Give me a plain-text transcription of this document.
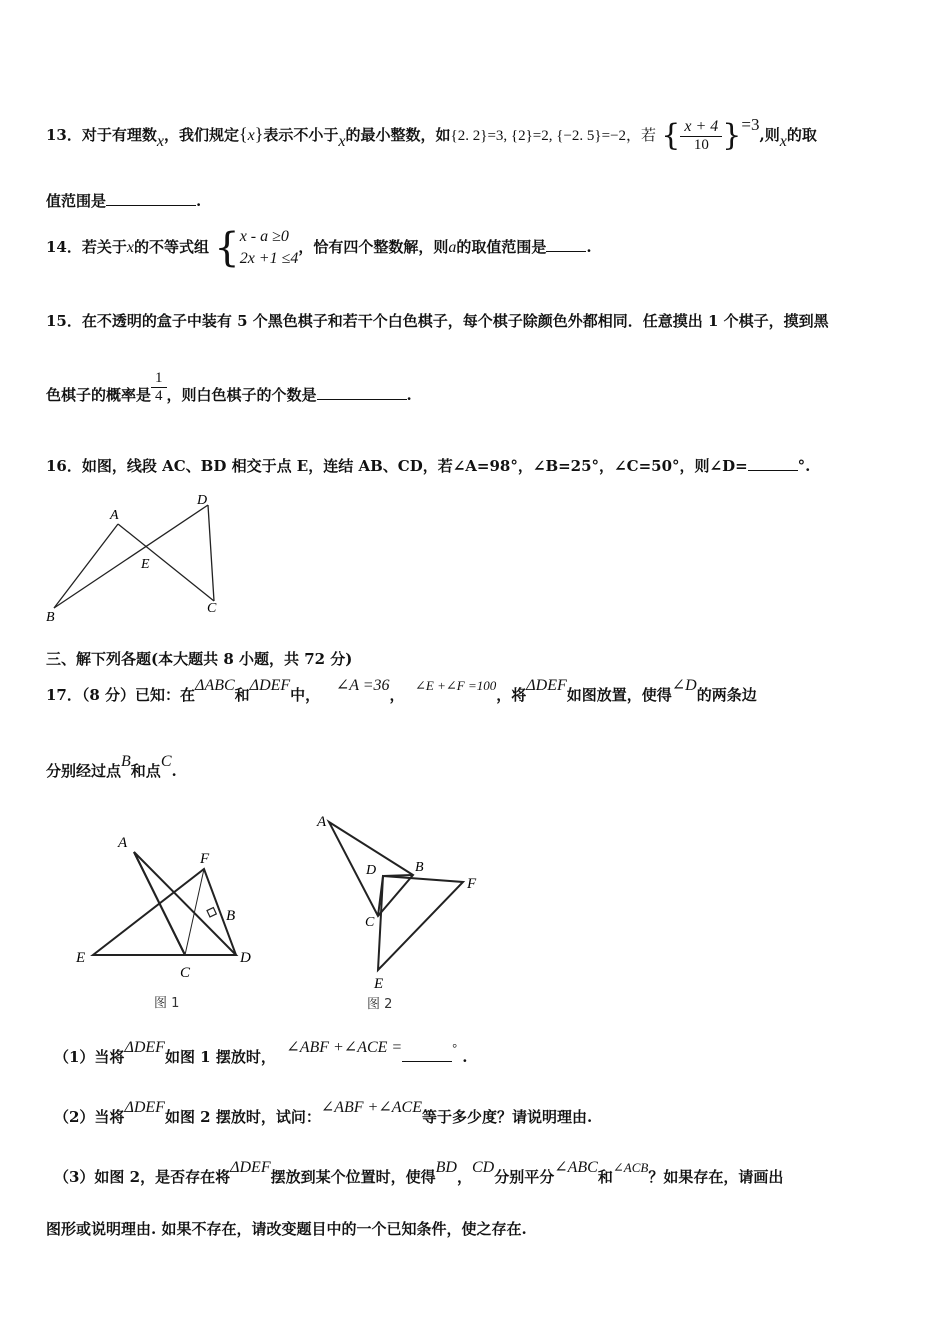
13．对于有理数x，我们规定{x}表示不小于x的最小整数，如{2. 2}=3, {2}=2, {−2. 5}=−2，若 { $\frac{x + 4}{10} \}=3$,则x的取
值范围是	.
14．若关于x的不等式组 { x - a ≥0
2x +1 ≤4
，恰有四个整数解，则a的取值范围是	.
15．在不透明的盒子中装有 5 个黑色棋子和若干个白色棋子，每个棋子除颜色外都相同．任意摸出 1 个棋子，摸到黑
色棋子的概率是 $\frac{1}{4}$ ，则白色棋子的个数是	.
16．如图，线段 AC、BD 相交于点 E，连结 AB、CD，若∠A=98°，∠B=25°，∠C=50°，则∠D=	°.
A
D
E
B
C
三、解下列各题(本大题共 8 小题，共 72 分)
17．（8 分）已知：在ΔABC和ΔDEF中，   ∠A =36，  ∠E +∠F =100，将ΔDEF如图放置，使得∠D的两条边
分别经过点B和点C.
A
F
B
E
C
D
图 1
A
D	B
F
C
E
图 2
（1）当将ΔDEF如图 1 摆放时，  ∠ABF +∠ACE =	° .
（2）当将ΔDEF如图 2 摆放时，试问：∠ABF +∠ACE等于多少度？请说明理由.
（3）如图 2，是否存在将ΔDEF摆放到某个位置时，使得BD，CD分别平分∠ABC和∠ACB？如果存在，请画出
图形或说明理由. 如果不存在，请改变题目中的一个已知条件，使之存在.
